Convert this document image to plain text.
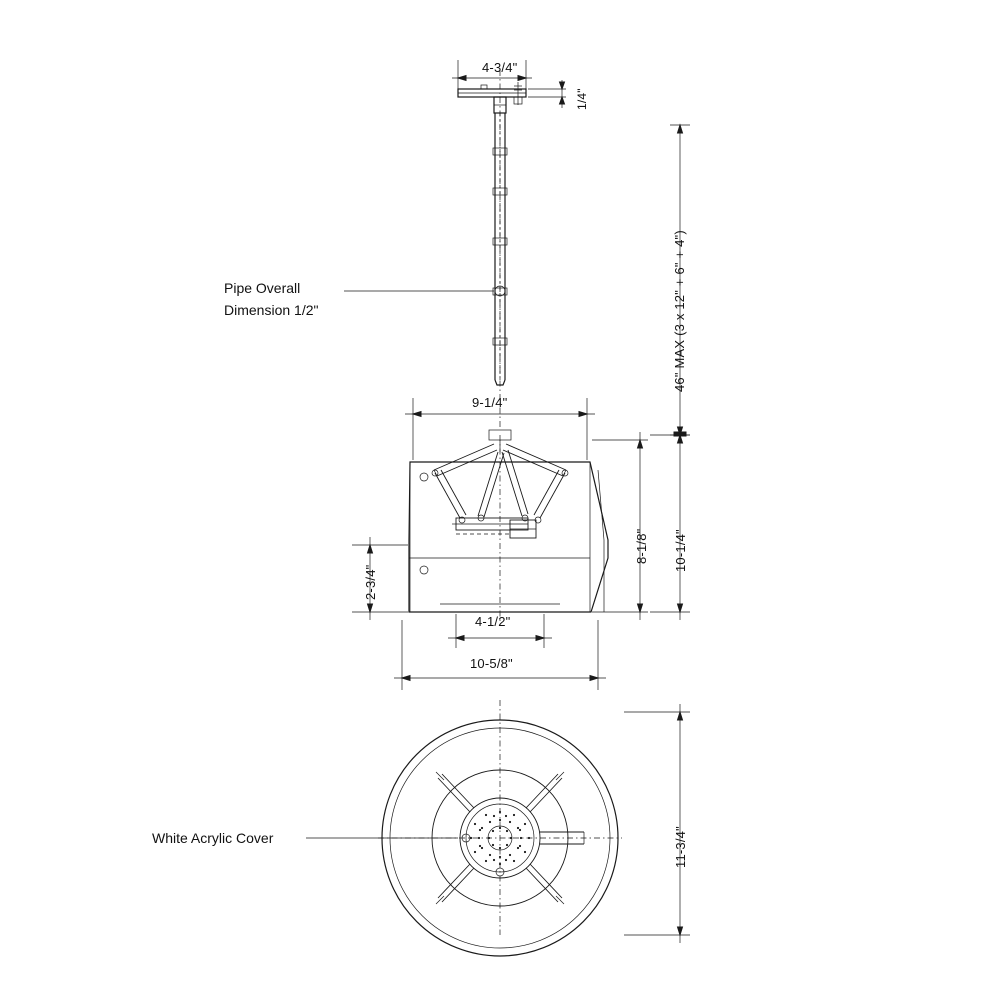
4-3/4"
1/4"
46" MAX (3 x 12" + 6" + 4")
9-1/4"
8-1/8" 10-1/4"
2-3/4"
4-1/2"
10-5/8"
11-3/4"
Pipe Overall
Dimension 1/2"
White Acrylic Cover
